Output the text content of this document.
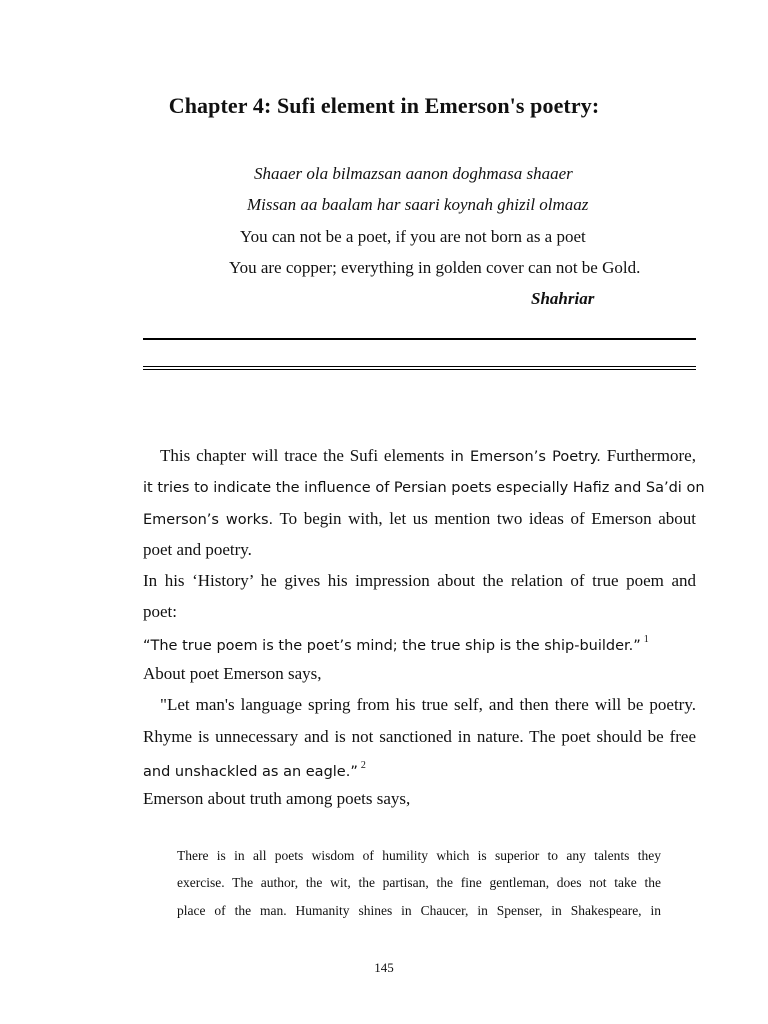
Chapter 4: Sufi element in Emerson's poetry:
Shaaer ola bilmazsan aanon doghmasa shaaer
Missan aa baalam har saari koynah ghizil olmaaz
You can not be a poet, if you are not born as a poet
You are copper; everything in golden cover can not be Gold.
Shahriar
This chapter will trace the Sufi elements in Emerson’s Poetry. Furthermore,
it tries to indicate the influence of Persian poets especially Hafiz and Sa’di on
Emerson’s works. To begin with, let us mention two ideas of Emerson about
poet and poetry.
In his ‘History’ he gives his impression about the relation of true poem and
poet:
“The true poem is the poet’s mind; the true ship is the ship-builder.” $^1$
About poet Emerson says,
"Let man's language spring from his true self, and then there will be poetry.
Rhyme is unnecessary and is not sanctioned in nature. The poet should be free
and unshackled as an eagle.” $^2$
Emerson about truth among poets says,
There is in all poets wisdom of humility which is superior to any talents they
exercise. The author, the wit, the partisan, the fine gentleman, does not take the
place of the man. Humanity shines in Chaucer, in Spenser, in Shakespeare, in
145
